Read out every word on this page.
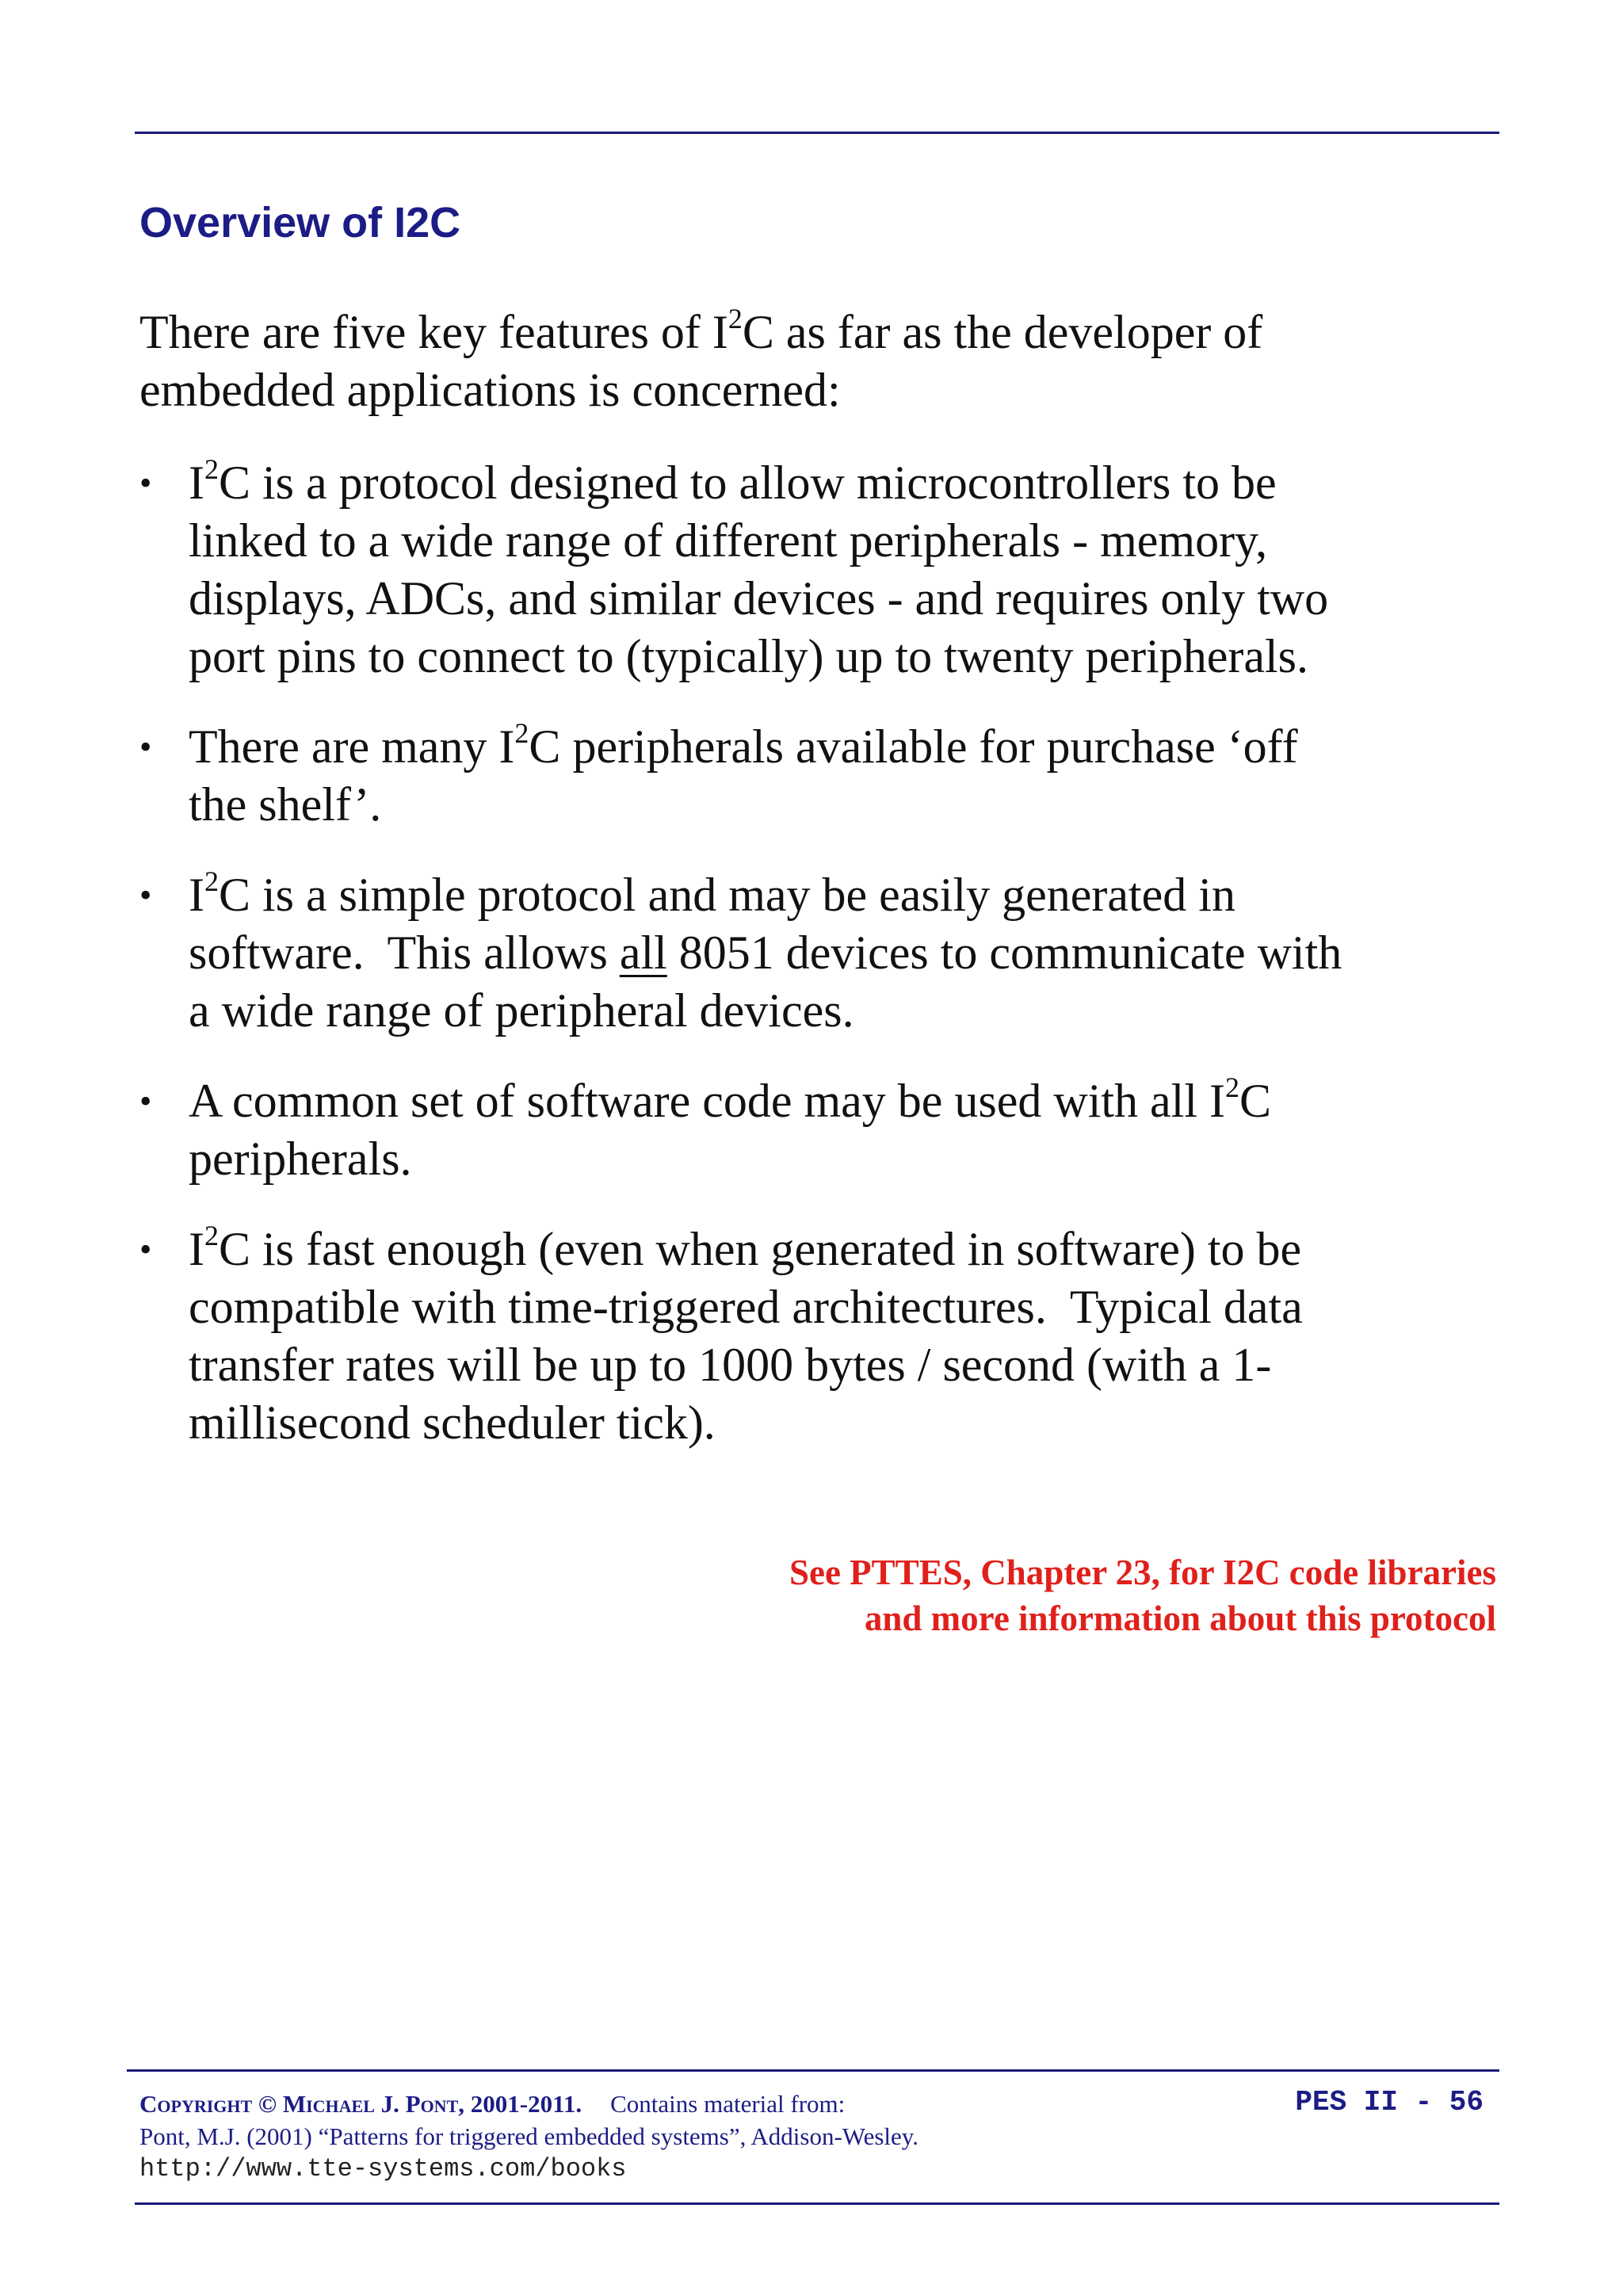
Overview of I2C
There are five key features of $I^2C$ as far as the developer of
embedded applications is concerned:
• $I^2C$ is a protocol designed to allow microcontrollers to be
linked to a wide range of different peripherals - memory,
displays, ADCs, and similar devices - and requires only two
port pins to connect to (typically) up to twenty peripherals.
• There are many $I^2C$ peripherals available for purchase ‘off
the shelf’.
• $I^2C$ is a simple protocol and may be easily generated in
software.  This allows all 8051 devices to communicate with
a wide range of peripheral devices.
• A common set of software code may be used with all $I^2C$
peripherals.
• $I^2C$ is fast enough (even when generated in software) to be
compatible with time-triggered architectures.  Typical data
transfer rates will be up to 1000 bytes / second (with a 1-
millisecond scheduler tick).
See PTTES, Chapter 23, for I2C code libraries
and more information about this protocol
Copyright © Michael J. Pont, 2001-2011. Contains material from:
Pont, M.J. (2001) “Patterns for triggered embedded systems”, Addison-Wesley.
http://www.tte-systems.com/books
PES II - 56
